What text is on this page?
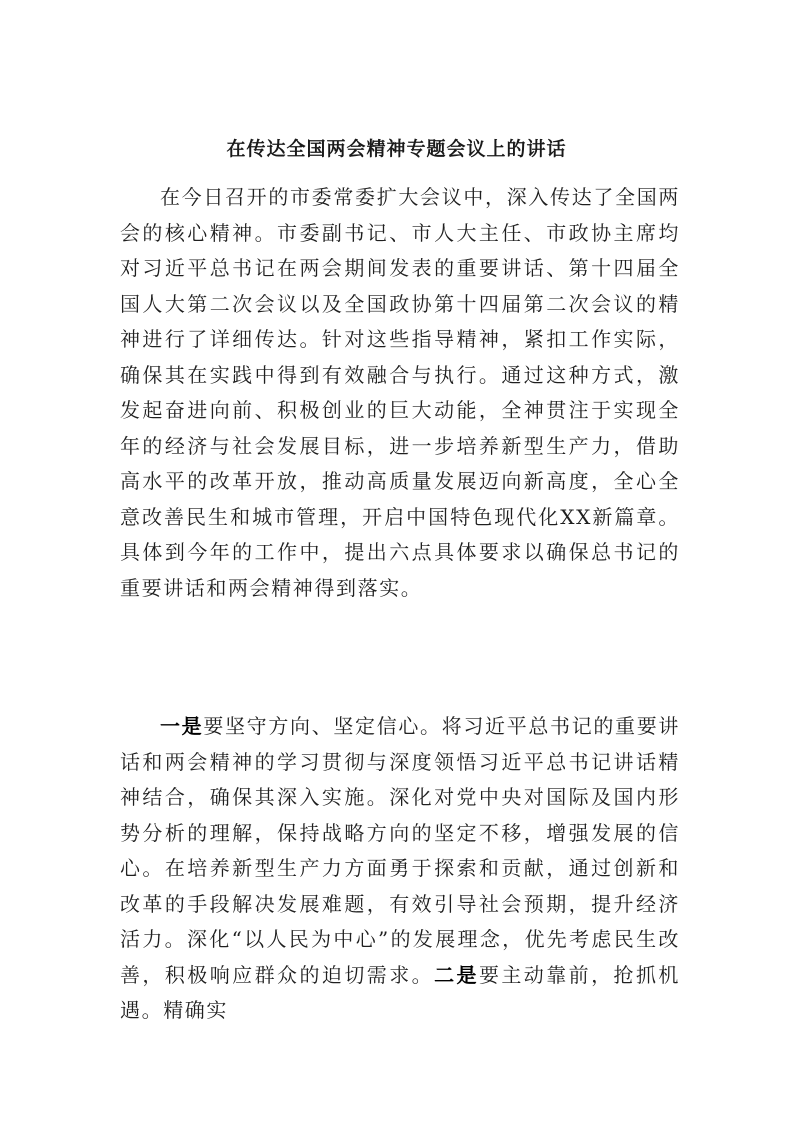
在传达全国两会精神专题会议上的讲话

在今日召开的市委常委扩大会议中，深入传达了全国两会的核心精神。市委副书记、市人大主任、市政协主席均对习近平总书记在两会期间发表的重要讲话、第十四届全国人大第二次会议以及全国政协第十四届第二次会议的精神进行了详细传达。针对这些指导精神，紧扣工作实际，确保其在实践中得到有效融合与执行。通过这种方式，激发起奋进向前、积极创业的巨大动能，全神贯注于实现全年的经济与社会发展目标，进一步培养新型生产力，借助高水平的改革开放，推动高质量发展迈向新高度，全心全意改善民生和城市管理，开启中国特色现代化XX新篇章。具体到今年的工作中，提出六点具体要求以确保总书记的重要讲话和两会精神得到落实。

一是要坚守方向、坚定信心。将习近平总书记的重要讲话和两会精神的学习贯彻与深度领悟习近平总书记讲话精神结合，确保其深入实施。深化对党中央对国际及国内形势分析的理解，保持战略方向的坚定不移，增强发展的信心。在培养新型生产力方面勇于探索和贡献，通过创新和改革的手段解决发展难题，有效引导社会预期，提升经济活力。深化“以人民为中心”的发展理念，优先考虑民生改善，积极响应群众的迫切需求。二是要主动靠前，抢抓机遇。精确实
